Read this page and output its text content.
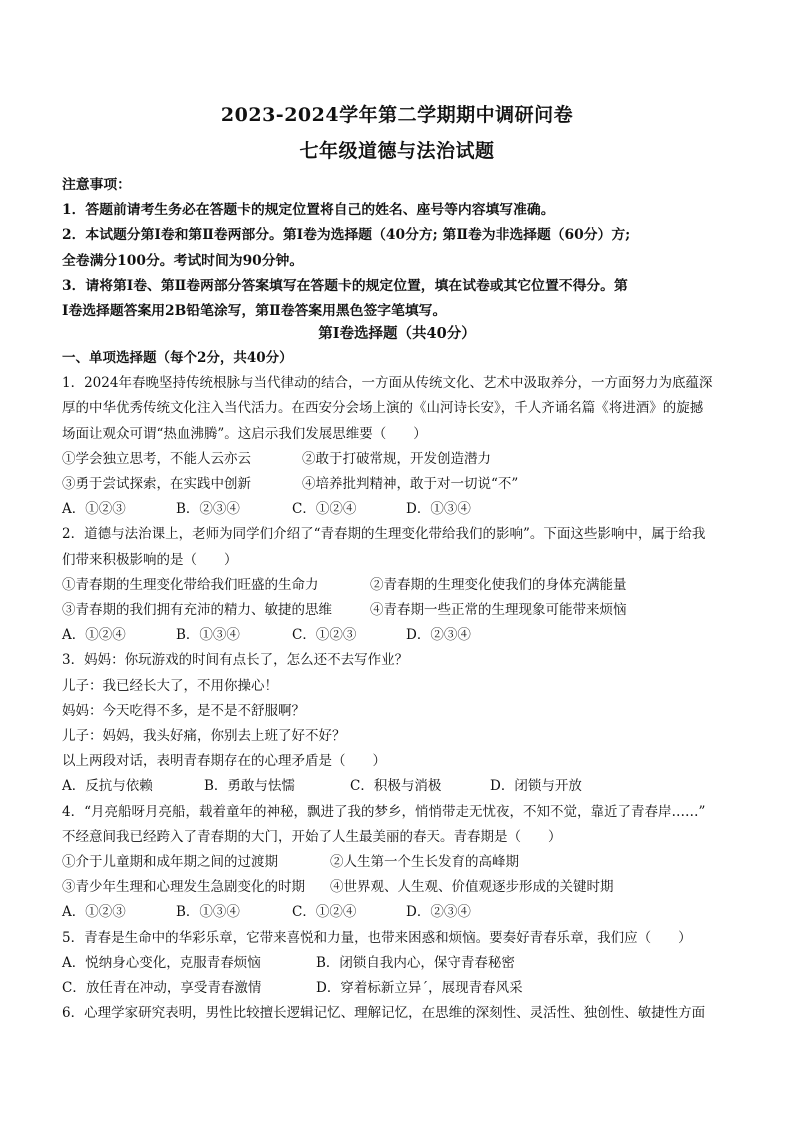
2023-2024学年第二学期期中调研问卷
七年级道德与法治试题
注意事项：
1．答题前请考生务必在答题卡的规定位置将自己的姓名、座号等内容填写准确。
2．本试题分第Ⅰ卷和第Ⅱ卷两部分。第Ⅰ卷为选择题（40分方; 第Ⅱ卷为非选择题（60分）方;
全卷满分100分。考试时间为90分钟。
3．请将第Ⅰ卷、第Ⅱ卷两部分答案填写在答题卡的规定位置，填在试卷或其它位置不得分。第
Ⅰ卷选择题答案用2B铅笔涂写，第Ⅱ卷答案用黑色签字笔填写。
第Ⅰ卷选择题（共40分）
一、单项选择题（每个2分，共40分）
1．2024年春晚坚持传统根脉与当代律动的结合，一方面从传统文化、艺术中汲取养分，一方面努力为底蕴深
厚的中华优秀传统文化注入当代活力。在西安分会场上演的《山河诗长安》，千人齐诵名篇《将进酒》的旋撼
场面让观众可谓“热血沸腾”。这启示我们发展思维要（　　）
①学会独立思考，不能人云亦云	②敢于打破常规，开发创造潜力
③勇于尝试探索，在实践中创新	④培养批判精神，敢于对一切说“不”
A．①②③	B．②③④	C．①②④	D．①③④
2．道德与法治课上，老师为同学们介绍了“青春期的生理变化带给我们的影响”。下面这些影响中，属于给我
们带来积极影响的是（　　）
①青春期的生理变化带给我们旺盛的生命力	②青春期的生理变化使我们的身体充满能量
③青春期的我们拥有充沛的精力、敏捷的思维	④青春期一些正常的生理现象可能带来烦恼
A．①②④	B．①③④	C．①②③	D．②③④
3．妈妈：你玩游戏的时间有点长了，怎么还不去写作业？
儿子：我已经长大了，不用你操心！
妈妈：今天吃得不多，是不是不舒服啊？
儿子：妈妈，我头好痛，你别去上班了好不好？
以上两段对话，表明青春期存在的心理矛盾是（　　）
A．反抗与依赖	B．勇敢与怯懦	C．积极与消极	D．闭锁与开放
4．“月亮船呀月亮船，载着童年的神秘，飘进了我的梦乡，悄悄带走无忧夜，不知不觉，靠近了青春岸……”
不经意间我已经跨入了青春期的大门，开始了人生最美丽的春天。青春期是（　　）
①介于儿童期和成年期之间的过渡期	②人生第一个生长发育的高峰期
③青少年生理和心理发生急剧变化的时期	④世界观、人生观、价值观逐步形成的关键时期
A．①②③	B．①③④	C．①②④	D．②③④
5．青春是生命中的华彩乐章，它带来喜悦和力量，也带来困惑和烦恼。要奏好青春乐章，我们应（　　）
A．悦纳身心变化，克服青春烦恼	B．闭锁自我内心，保守青春秘密
C．放任青在冲动，享受青春激情	D．穿着标新立异ˊ，展现青春风采
6．心理学家研究表明，男性比较擅长逻辑记忆、理解记忆，在思维的深刻性、灵活性、独创性、敏捷性方面
